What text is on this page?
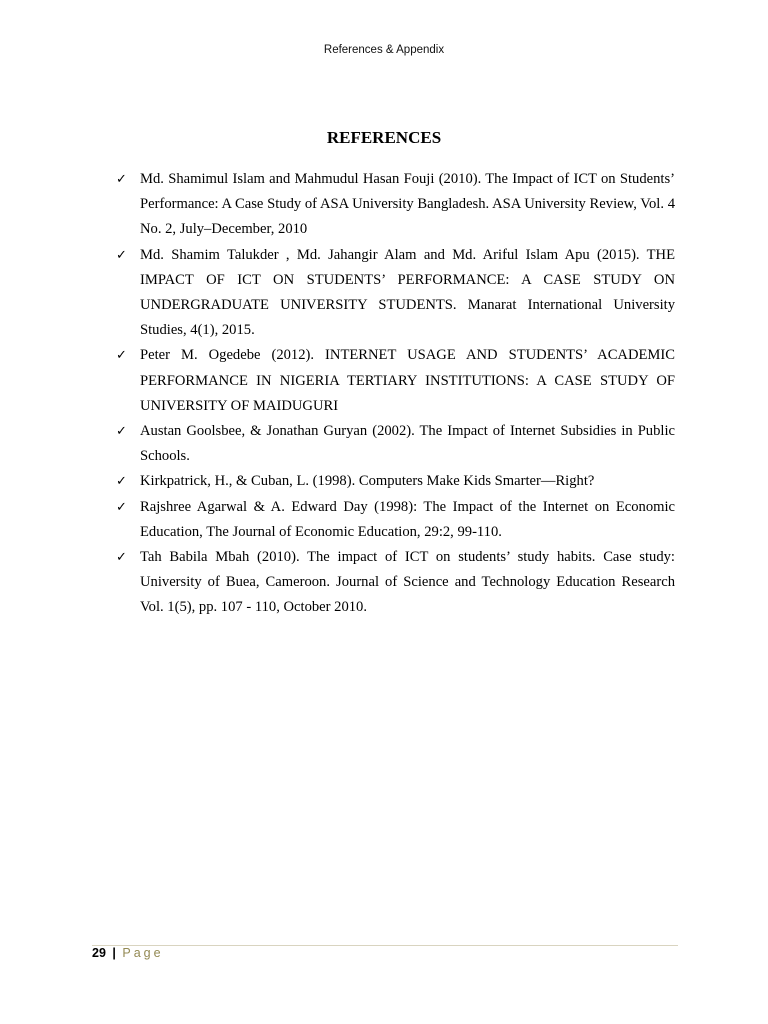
References & Appendix
REFERENCES
✓ Md. Shamimul Islam and Mahmudul Hasan Fouji (2010). The Impact of ICT on Students’ Performance: A Case Study of ASA University Bangladesh. ASA University Review, Vol. 4 No. 2, July–December, 2010
✓ Md. Shamim Talukder , Md. Jahangir Alam and Md. Ariful Islam Apu (2015). THE IMPACT OF ICT ON STUDENTS’ PERFORMANCE: A CASE STUDY ON UNDERGRADUATE UNIVERSITY STUDENTS. Manarat International University Studies, 4(1), 2015.
✓ Peter M. Ogedebe (2012). INTERNET USAGE AND STUDENTS’ ACADEMIC PERFORMANCE IN NIGERIA TERTIARY INSTITUTIONS: A CASE STUDY OF UNIVERSITY OF MAIDUGURI
✓ Austan Goolsbee, & Jonathan Guryan (2002). The Impact of Internet Subsidies in Public Schools.
✓ Kirkpatrick, H., & Cuban, L. (1998). Computers Make Kids Smarter—Right?
✓ Rajshree Agarwal & A. Edward Day (1998): The Impact of the Internet on Economic Education, The Journal of Economic Education, 29:2, 99-110.
✓ Tah Babila Mbah (2010). The impact of ICT on students’ study habits. Case study: University of Buea, Cameroon. Journal of Science and Technology Education Research Vol. 1(5), pp. 107 - 110, October 2010.
29 | Page
